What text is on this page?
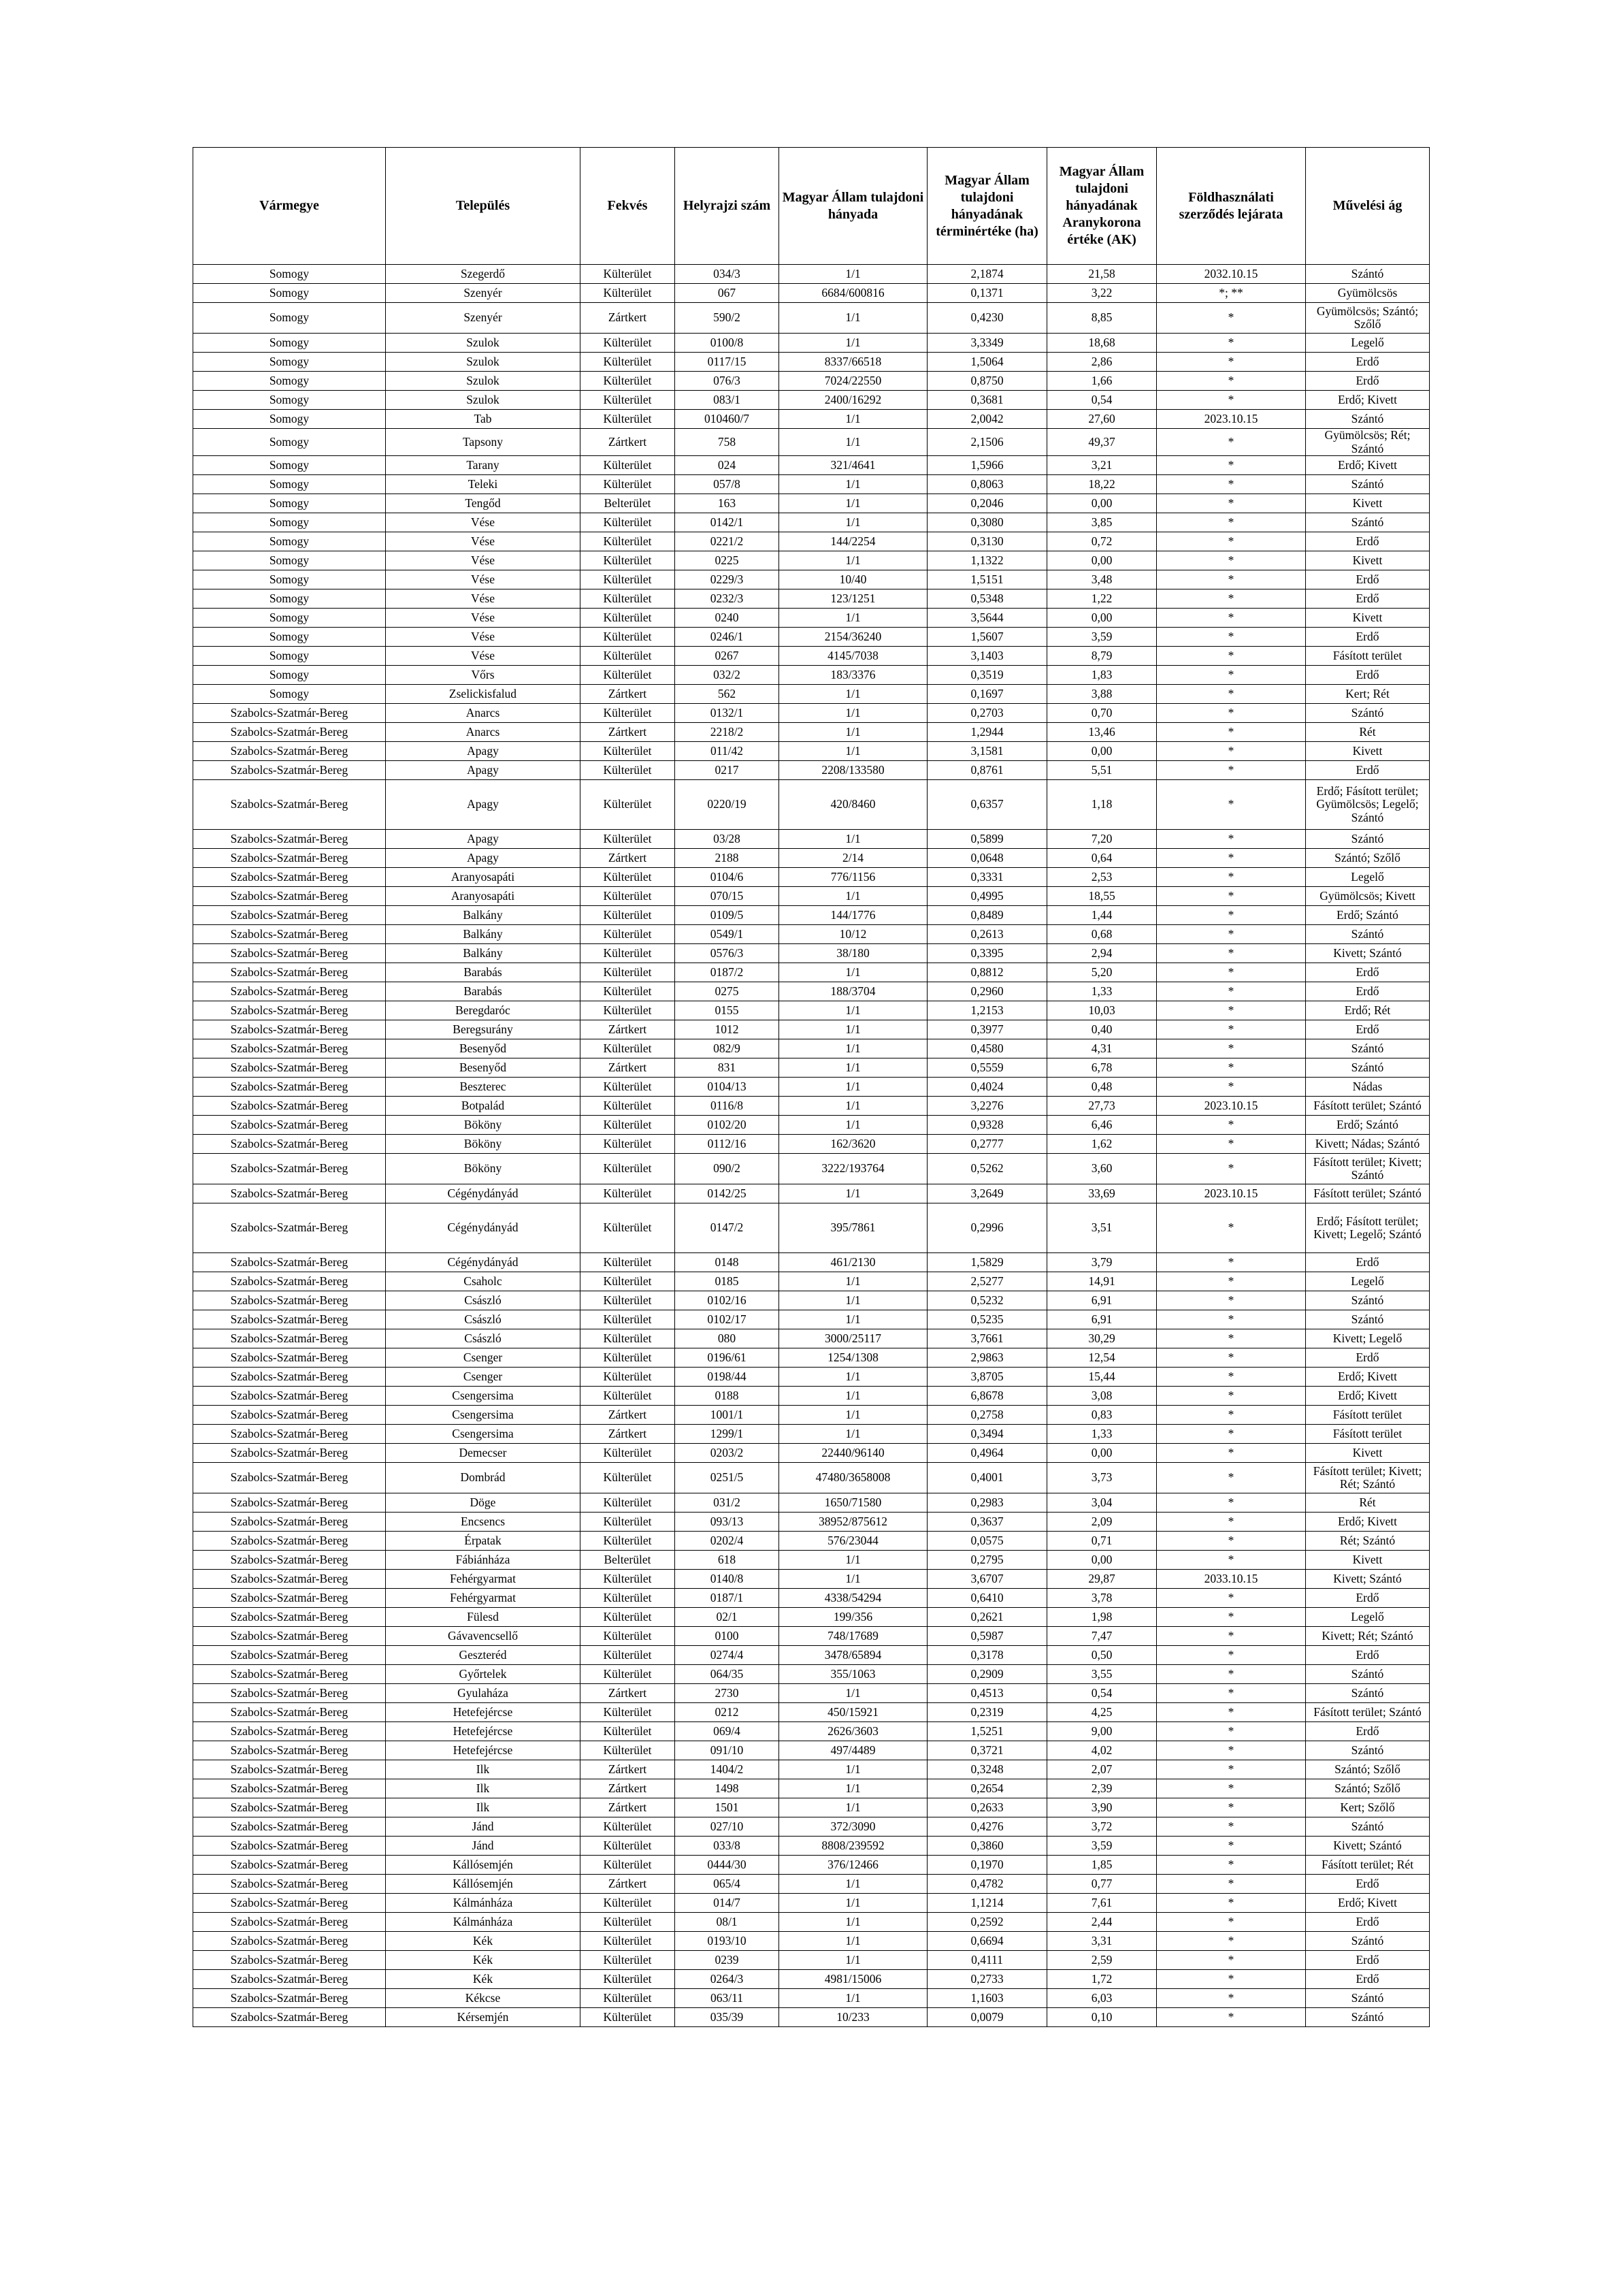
Vármegye	Település	Fekvés	Helyrajzi szám	Magyar Állam tulajdoni hányada	Magyar Állam tulajdoni hányadának términértéke (ha)	Magyar Állam tulajdoni hányadának Aranykorona értéke (AK)	Földhasználati szerződés lejárata	Művelési ág
Somogy	Szegerdő	Külterület	034/3	1/1	2,1874	21,58	2032.10.15	Szántó
Somogy	Szenyér	Külterület	067	6684/600816	0,1371	3,22	*; **	Gyümölcsös
Somogy	Szenyér	Zártkert	590/2	1/1	0,4230	8,85	*	Gyümölcsös; Szántó; Szőlő
Somogy	Szulok	Külterület	0100/8	1/1	3,3349	18,68	*	Legelő
Somogy	Szulok	Külterület	0117/15	8337/66518	1,5064	2,86	*	Erdő
Somogy	Szulok	Külterület	076/3	7024/22550	0,8750	1,66	*	Erdő
Somogy	Szulok	Külterület	083/1	2400/16292	0,3681	0,54	*	Erdő; Kivett
Somogy	Tab	Külterület	010460/7	1/1	2,0042	27,60	2023.10.15	Szántó
Somogy	Tapsony	Zártkert	758	1/1	2,1506	49,37	*	Gyümölcsös; Rét; Szántó
Somogy	Tarany	Külterület	024	321/4641	1,5966	3,21	*	Erdő; Kivett
Somogy	Teleki	Külterület	057/8	1/1	0,8063	18,22	*	Szántó
Somogy	Tengőd	Belterület	163	1/1	0,2046	0,00	*	Kivett
Somogy	Vése	Külterület	0142/1	1/1	0,3080	3,85	*	Szántó
Somogy	Vése	Külterület	0221/2	144/2254	0,3130	0,72	*	Erdő
Somogy	Vése	Külterület	0225	1/1	1,1322	0,00	*	Kivett
Somogy	Vése	Külterület	0229/3	10/40	1,5151	3,48	*	Erdő
Somogy	Vése	Külterület	0232/3	123/1251	0,5348	1,22	*	Erdő
Somogy	Vése	Külterület	0240	1/1	3,5644	0,00	*	Kivett
Somogy	Vése	Külterület	0246/1	2154/36240	1,5607	3,59	*	Erdő
Somogy	Vése	Külterület	0267	4145/7038	3,1403	8,79	*	Fásított terület
Somogy	Vőrs	Külterület	032/2	183/3376	0,3519	1,83	*	Erdő
Somogy	Zselickisfalud	Zártkert	562	1/1	0,1697	3,88	*	Kert; Rét
Szabolcs-Szatmár-Bereg	Anarcs	Külterület	0132/1	1/1	0,2703	0,70	*	Szántó
Szabolcs-Szatmár-Bereg	Anarcs	Zártkert	2218/2	1/1	1,2944	13,46	*	Rét
Szabolcs-Szatmár-Bereg	Apagy	Külterület	011/42	1/1	3,1581	0,00	*	Kivett
Szabolcs-Szatmár-Bereg	Apagy	Külterület	0217	2208/133580	0,8761	5,51	*	Erdő
Szabolcs-Szatmár-Bereg	Apagy	Külterület	0220/19	420/8460	0,6357	1,18	*	Erdő; Fásított terület; Gyümölcsös; Legelő; Szántó
Szabolcs-Szatmár-Bereg	Apagy	Külterület	03/28	1/1	0,5899	7,20	*	Szántó
Szabolcs-Szatmár-Bereg	Apagy	Zártkert	2188	2/14	0,0648	0,64	*	Szántó; Szőlő
Szabolcs-Szatmár-Bereg	Aranyosapáti	Külterület	0104/6	776/1156	0,3331	2,53	*	Legelő
Szabolcs-Szatmár-Bereg	Aranyosapáti	Külterület	070/15	1/1	0,4995	18,55	*	Gyümölcsös; Kivett
Szabolcs-Szatmár-Bereg	Balkány	Külterület	0109/5	144/1776	0,8489	1,44	*	Erdő; Szántó
Szabolcs-Szatmár-Bereg	Balkány	Külterület	0549/1	10/12	0,2613	0,68	*	Szántó
Szabolcs-Szatmár-Bereg	Balkány	Külterület	0576/3	38/180	0,3395	2,94	*	Kivett; Szántó
Szabolcs-Szatmár-Bereg	Barabás	Külterület	0187/2	1/1	0,8812	5,20	*	Erdő
Szabolcs-Szatmár-Bereg	Barabás	Külterület	0275	188/3704	0,2960	1,33	*	Erdő
Szabolcs-Szatmár-Bereg	Beregdaróc	Külterület	0155	1/1	1,2153	10,03	*	Erdő; Rét
Szabolcs-Szatmár-Bereg	Beregsurány	Zártkert	1012	1/1	0,3977	0,40	*	Erdő
Szabolcs-Szatmár-Bereg	Besenyőd	Külterület	082/9	1/1	0,4580	4,31	*	Szántó
Szabolcs-Szatmár-Bereg	Besenyőd	Zártkert	831	1/1	0,5559	6,78	*	Szántó
Szabolcs-Szatmár-Bereg	Beszterec	Külterület	0104/13	1/1	0,4024	0,48	*	Nádas
Szabolcs-Szatmár-Bereg	Botpalád	Külterület	0116/8	1/1	3,2276	27,73	2023.10.15	Fásított terület; Szántó
Szabolcs-Szatmár-Bereg	Bököny	Külterület	0102/20	1/1	0,9328	6,46	*	Erdő; Szántó
Szabolcs-Szatmár-Bereg	Bököny	Külterület	0112/16	162/3620	0,2777	1,62	*	Kivett; Nádas; Szántó
Szabolcs-Szatmár-Bereg	Bököny	Külterület	090/2	3222/193764	0,5262	3,60	*	Fásított terület; Kivett; Szántó
Szabolcs-Szatmár-Bereg	Cégénydányád	Külterület	0142/25	1/1	3,2649	33,69	2023.10.15	Fásított terület; Szántó
Szabolcs-Szatmár-Bereg	Cégénydányád	Külterület	0147/2	395/7861	0,2996	3,51	*	Erdő; Fásított terület; Kivett; Legelő; Szántó
Szabolcs-Szatmár-Bereg	Cégénydányád	Külterület	0148	461/2130	1,5829	3,79	*	Erdő
Szabolcs-Szatmár-Bereg	Csaholc	Külterület	0185	1/1	2,5277	14,91	*	Legelő
Szabolcs-Szatmár-Bereg	Császló	Külterület	0102/16	1/1	0,5232	6,91	*	Szántó
Szabolcs-Szatmár-Bereg	Császló	Külterület	0102/17	1/1	0,5235	6,91	*	Szántó
Szabolcs-Szatmár-Bereg	Császló	Külterület	080	3000/25117	3,7661	30,29	*	Kivett; Legelő
Szabolcs-Szatmár-Bereg	Csenger	Külterület	0196/61	1254/1308	2,9863	12,54	*	Erdő
Szabolcs-Szatmár-Bereg	Csenger	Külterület	0198/44	1/1	3,8705	15,44	*	Erdő; Kivett
Szabolcs-Szatmár-Bereg	Csengersima	Külterület	0188	1/1	6,8678	3,08	*	Erdő; Kivett
Szabolcs-Szatmár-Bereg	Csengersima	Zártkert	1001/1	1/1	0,2758	0,83	*	Fásított terület
Szabolcs-Szatmár-Bereg	Csengersima	Zártkert	1299/1	1/1	0,3494	1,33	*	Fásított terület
Szabolcs-Szatmár-Bereg	Demecser	Külterület	0203/2	22440/96140	0,4964	0,00	*	Kivett
Szabolcs-Szatmár-Bereg	Dombrád	Külterület	0251/5	47480/3658008	0,4001	3,73	*	Fásított terület; Kivett; Rét; Szántó
Szabolcs-Szatmár-Bereg	Döge	Külterület	031/2	1650/71580	0,2983	3,04	*	Rét
Szabolcs-Szatmár-Bereg	Encsencs	Külterület	093/13	38952/875612	0,3637	2,09	*	Erdő; Kivett
Szabolcs-Szatmár-Bereg	Érpatak	Külterület	0202/4	576/23044	0,0575	0,71	*	Rét; Szántó
Szabolcs-Szatmár-Bereg	Fábiánháza	Belterület	618	1/1	0,2795	0,00	*	Kivett
Szabolcs-Szatmár-Bereg	Fehérgyarmat	Külterület	0140/8	1/1	3,6707	29,87	2033.10.15	Kivett; Szántó
Szabolcs-Szatmár-Bereg	Fehérgyarmat	Külterület	0187/1	4338/54294	0,6410	3,78	*	Erdő
Szabolcs-Szatmár-Bereg	Fülesd	Külterület	02/1	199/356	0,2621	1,98	*	Legelő
Szabolcs-Szatmár-Bereg	Gávavencsellő	Külterület	0100	748/17689	0,5987	7,47	*	Kivett; Rét; Szántó
Szabolcs-Szatmár-Bereg	Geszteréd	Külterület	0274/4	3478/65894	0,3178	0,50	*	Erdő
Szabolcs-Szatmár-Bereg	Győrtelek	Külterület	064/35	355/1063	0,2909	3,55	*	Szántó
Szabolcs-Szatmár-Bereg	Gyulaháza	Zártkert	2730	1/1	0,4513	0,54	*	Szántó
Szabolcs-Szatmár-Bereg	Hetefejércse	Külterület	0212	450/15921	0,2319	4,25	*	Fásított terület; Szántó
Szabolcs-Szatmár-Bereg	Hetefejércse	Külterület	069/4	2626/3603	1,5251	9,00	*	Erdő
Szabolcs-Szatmár-Bereg	Hetefejércse	Külterület	091/10	497/4489	0,3721	4,02	*	Szántó
Szabolcs-Szatmár-Bereg	Ilk	Zártkert	1404/2	1/1	0,3248	2,07	*	Szántó; Szőlő
Szabolcs-Szatmár-Bereg	Ilk	Zártkert	1498	1/1	0,2654	2,39	*	Szántó; Szőlő
Szabolcs-Szatmár-Bereg	Ilk	Zártkert	1501	1/1	0,2633	3,90	*	Kert; Szőlő
Szabolcs-Szatmár-Bereg	Jánd	Külterület	027/10	372/3090	0,4276	3,72	*	Szántó
Szabolcs-Szatmár-Bereg	Jánd	Külterület	033/8	8808/239592	0,3860	3,59	*	Kivett; Szántó
Szabolcs-Szatmár-Bereg	Kállósemjén	Külterület	0444/30	376/12466	0,1970	1,85	*	Fásított terület; Rét
Szabolcs-Szatmár-Bereg	Kállósemjén	Zártkert	065/4	1/1	0,4782	0,77	*	Erdő
Szabolcs-Szatmár-Bereg	Kálmánháza	Külterület	014/7	1/1	1,1214	7,61	*	Erdő; Kivett
Szabolcs-Szatmár-Bereg	Kálmánháza	Külterület	08/1	1/1	0,2592	2,44	*	Erdő
Szabolcs-Szatmár-Bereg	Kék	Külterület	0193/10	1/1	0,6694	3,31	*	Szántó
Szabolcs-Szatmár-Bereg	Kék	Külterület	0239	1/1	0,4111	2,59	*	Erdő
Szabolcs-Szatmár-Bereg	Kék	Külterület	0264/3	4981/15006	0,2733	1,72	*	Erdő
Szabolcs-Szatmár-Bereg	Kékcse	Külterület	063/11	1/1	1,1603	6,03	*	Szántó
Szabolcs-Szatmár-Bereg	Kérsemjén	Külterület	035/39	10/233	0,0079	0,10	*	Szántó
